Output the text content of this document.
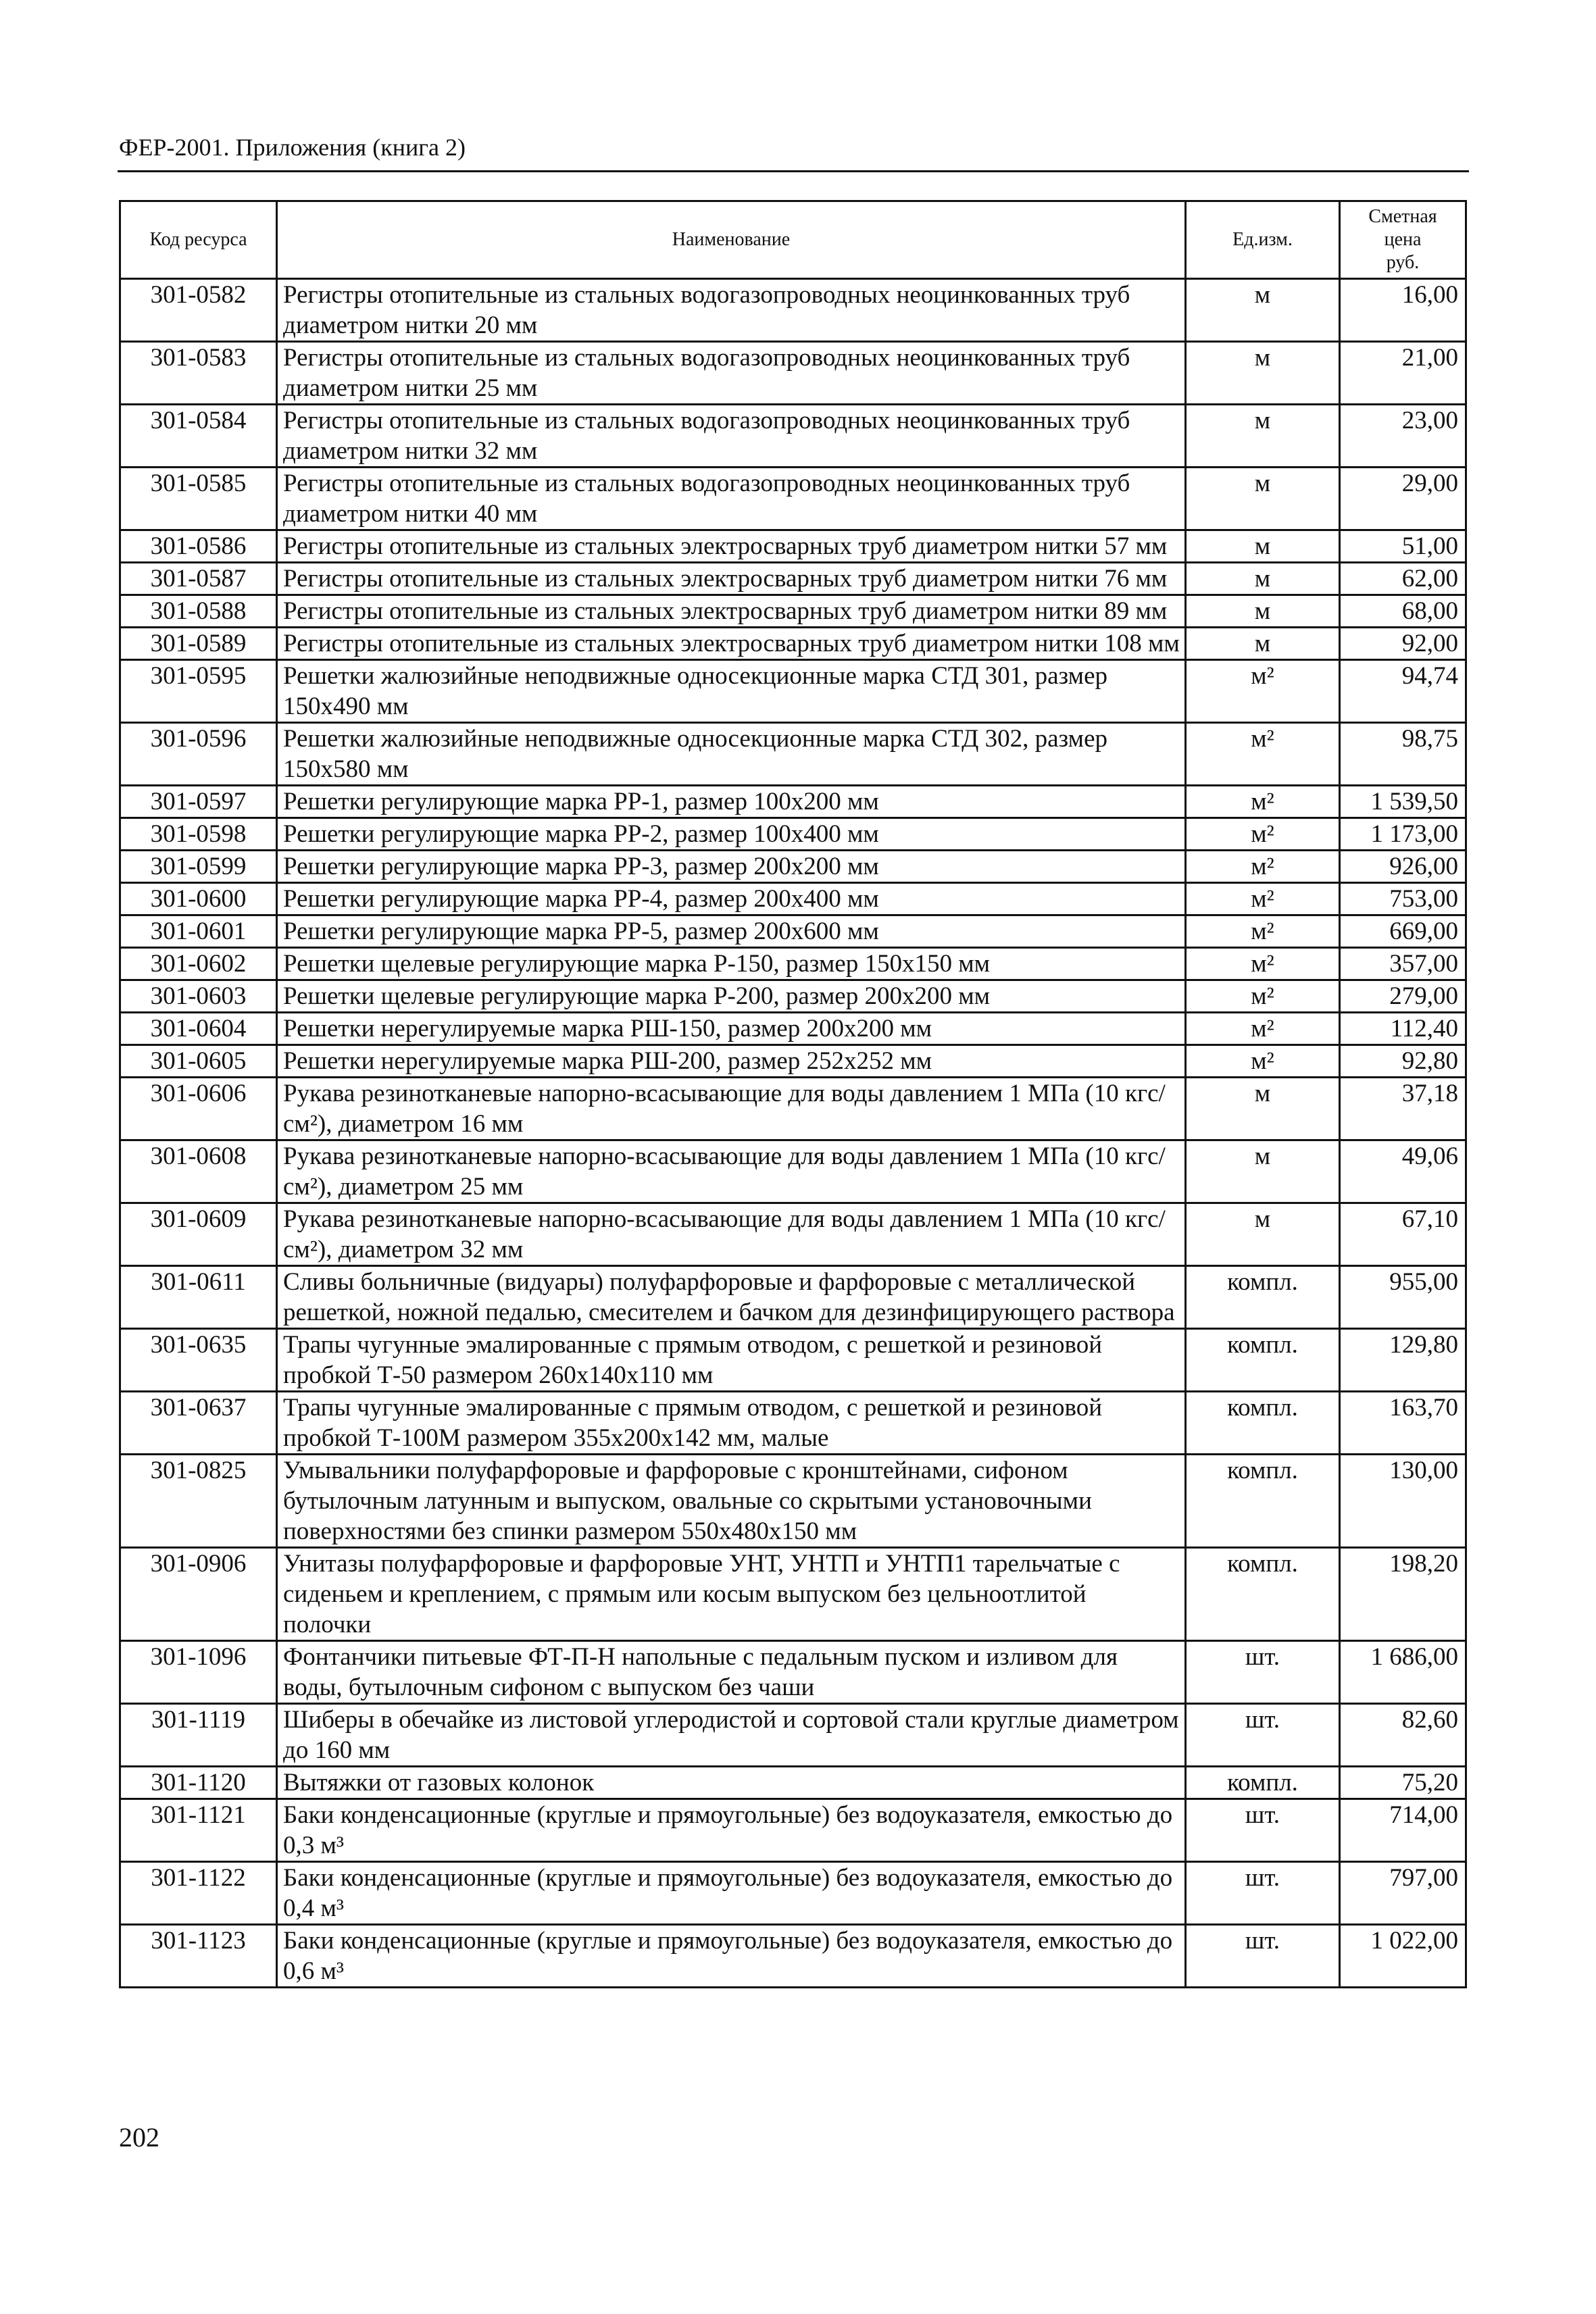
ФЕР-2001. Приложения (книга 2)
Код ресурса	Наименование	Ед.изм.	Сметная
цена
руб.

301-0582	Регистры отопительные из стальных водогазопроводных неоцинкованных труб диаметром нитки 20 мм	м	16,00
301-0583	Регистры отопительные из стальных водогазопроводных неоцинкованных труб диаметром нитки 25 мм	м	21,00
301-0584	Регистры отопительные из стальных водогазопроводных неоцинкованных труб диаметром нитки 32 мм	м	23,00
301-0585	Регистры отопительные из стальных водогазопроводных неоцинкованных труб диаметром нитки 40 мм	м	29,00
301-0586	Регистры отопительные из стальных электросварных труб диаметром нитки 57 мм	м	51,00
301-0587	Регистры отопительные из стальных электросварных труб диаметром нитки 76 мм	м	62,00
301-0588	Регистры отопительные из стальных электросварных труб диаметром нитки 89 мм	м	68,00
301-0589	Регистры отопительные из стальных электросварных труб диаметром нитки 108 мм	м	92,00
301-0595	Решетки жалюзийные неподвижные односекционные марка СТД 301, размер 150х490 мм	м²	94,74
301-0596	Решетки жалюзийные неподвижные односекционные марка СТД 302, размер 150х580 мм	м²	98,75
301-0597	Решетки регулирующие марка РР-1, размер 100х200 мм	м²	1 539,50
301-0598	Решетки регулирующие марка РР-2, размер 100х400 мм	м²	1 173,00
301-0599	Решетки регулирующие марка РР-3, размер 200х200 мм	м²	926,00
301-0600	Решетки регулирующие марка РР-4, размер 200х400 мм	м²	753,00
301-0601	Решетки регулирующие марка РР-5, размер 200х600 мм	м²	669,00
301-0602	Решетки щелевые регулирующие марка Р-150, размер 150х150 мм	м²	357,00
301-0603	Решетки щелевые регулирующие марка Р-200, размер 200х200 мм	м²	279,00
301-0604	Решетки нерегулируемые марка РШ-150, размер 200х200 мм	м²	112,40
301-0605	Решетки нерегулируемые марка РШ-200, размер 252х252 мм	м²	92,80
301-0606	Рукава резинотканевые напорно-всасывающие для воды давлением 1 МПа (10 кгс/см²), диаметром 16 мм	м	37,18
301-0608	Рукава резинотканевые напорно-всасывающие для воды давлением 1 МПа (10 кгс/см²), диаметром 25 мм	м	49,06
301-0609	Рукава резинотканевые напорно-всасывающие для воды давлением 1 МПа (10 кгс/см²), диаметром 32 мм	м	67,10
301-0611	Сливы больничные (видуары) полуфарфоровые и фарфоровые с металлической решеткой, ножной педалью, смесителем и бачком для дезинфицирующего раствора	компл.	955,00
301-0635	Трапы чугунные эмалированные с прямым отводом, с решеткой и резиновой пробкой Т-50 размером 260х140х110 мм	компл.	129,80
301-0637	Трапы чугунные эмалированные с прямым отводом, с решеткой и резиновой пробкой Т-100М размером 355х200х142 мм, малые	компл.	163,70
301-0825	Умывальники полуфарфоровые и фарфоровые с кронштейнами, сифоном бутылочным латунным и выпуском, овальные со скрытыми установочными поверхностями без спинки размером 550х480х150 мм	компл.	130,00
301-0906	Унитазы полуфарфоровые и фарфоровые УНТ, УНТП и УНТП1 тарельчатые с сиденьем и креплением, с прямым или косым выпуском без цельноотлитой полочки	компл.	198,20
301-1096	Фонтанчики питьевые ФТ-П-Н напольные с педальным пуском и изливом для воды, бутылочным сифоном с выпуском без чаши	шт.	1 686,00
301-1119	Шиберы в обечайке из листовой углеродистой и сортовой стали круглые диаметром до 160 мм	шт.	82,60
301-1120	Вытяжки от газовых колонок	компл.	75,20
301-1121	Баки конденсационные (круглые и прямоугольные) без водоуказателя, емкостью до 0,3 м³	шт.	714,00
301-1122	Баки конденсационные (круглые и прямоугольные) без водоуказателя, емкостью до 0,4 м³	шт.	797,00
301-1123	Баки конденсационные (круглые и прямоугольные) без водоуказателя, емкостью до 0,6 м³	шт.	1 022,00
202
